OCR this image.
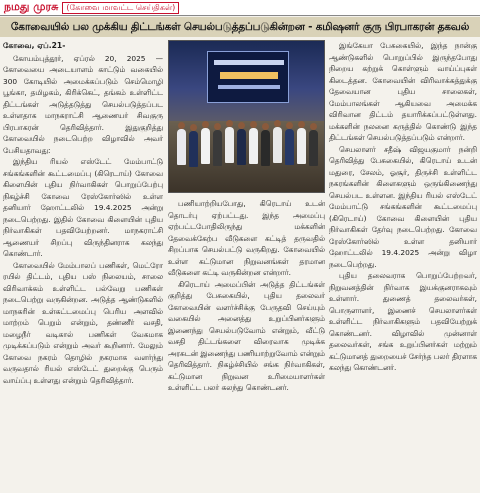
நமது முரசு	(கோவை மாவட்ட செய்திகள்)
கோவையில் பல முக்கிய திட்டங்கள் செயல்படுத்தப்படுகின்றன - கமிஷனர் குரு பிரபாகரன் தகவல்
கோவை, ஏப்.21-

கோயம்புத்தூர், ஏப்ரல் 20, 2025 — கோவையை அடையாளம் காட்டும் வகையில் 300 கோடியில் அமைக்கப்படும் செம்மொழி பூங்கா, தமிழகம், கிரிக்கெட், தங்கம் உள்ளிட்ட திட்டங்கள் அடுத்தடுத்து செயல்படுத்தப்பட உள்ளதாக மாநகராட்சி ஆணையர் சிவகுரு பிரபாகரன் தெரிவித்தார். இதுகுறித்து கோவையில் நடைபெற்ற விழாவில் அவர் பேசியதாவது:

இந்திய ரியல் எஸ்டேட் மேம்பாட்டு சங்கங்களின் கூட்டமைப்பு (கிரெடாய்) கோவை கிளையின் புதிய நிர்வாகிகள் பொறுப்பேற்பு நிகழ்ச்சி கோவை ரேஸ்கோர்ஸில் உள்ள தனியார் ஹோட்டலில் 19.4.2025 அன்று நடைபெற்றது. இதில் கோவை கிளையின் புதிய நிர்வாகிகள் பதவியேற்றனர். மாநகராட்சி ஆணையர் சிறப்பு விருந்தினராக கலந்து கொண்டார்.

கோவையில் மேம்பாலப் பணிகள், மெட்ரோ ரயில் திட்டம், புதிய பஸ் நிலையம், சாலை விரிவாக்கம் உள்ளிட்ட பல்வேறு பணிகள் நடைபெற்று வருகின்றன. அடுத்த ஆண்டுகளில் மாநகரின் உள்கட்டமைப்பு பெரிய அளவில் மாற்றம் பெறும் என்றும், தண்ணீர் வசதி, மழைநீர் வடிகால் பணிகள் வேகமாக முடிக்கப்படும் என்றும் அவர் கூறினார். மேலும் கோவை நகரம் தொழில் நகரமாக வளர்ந்து வருவதால் ரியல் எஸ்டேட் துறைக்கு பெரும் வாய்ப்பு உள்ளது என்றும் தெரிவித்தார்.

பணியாற்றியபோது, கிரெடாய் உடன் தொடர்பு ஏற்பட்டது. இந்த அமைப்பு ஏற்பட்டபோதிலிருந்து மக்களின் தேவைக்கேற்ப வீடுகளை கட்டித் தருவதில் சிறப்பாக செயல்பட்டு வருகிறது. கோவையில் உள்ள கட்டுமான நிறுவனங்கள் தரமான வீடுகளை கட்டி வருகின்றன என்றார்.

கிரெடாய் அமைப்பின் அடுத்த திட்டங்கள் குறித்து பேசுகையில், புதிய தலைவர் கோவையின் வளர்ச்சிக்கு பேருதவி செய்யும் வகையில் அனைத்து உறுப்பினர்களும் இணைந்து செயல்படுவோம் என்றும், வீட்டு வசதி திட்டங்களை விரைவாக முடிக்க அரசுடன் இணைந்து பணியாற்றுவோம் என்றும் தெரிவித்தார். நிகழ்ச்சியில் சங்க நிர்வாகிகள், கட்டுமான நிறுவன உரிமையாளர்கள் உள்ளிட்ட பலர் கலந்து கொண்டனர்.

இங்கேயா பேசுகையில், இந்த நான்கு ஆண்டுகளில் பொறுப்பில் இருந்தபோது நிறைய கற்றுக் கொள்ளும் வாய்ப்புகள் கிடைத்தன. கோவையின் விரிவாக்கத்துக்கு தேவையான புதிய சாலைகள், மேம்பாலங்கள் ஆகியவை அமைக்க விரிவான திட்டம் தயாரிக்கப்பட்டுள்ளது. மக்களின் நலனை கருத்தில் கொண்டு இந்த திட்டங்கள் செயல்படுத்தப்படும் என்றார்.

செயலாளர் சதீஷ் விஜயகுமார் நன்றி தெரிவித்து பேசுகையில், கிரெடாய் உடன் மதுரை, சேலம், ஓசூர், திருச்சி உள்ளிட்ட நகரங்களின் கிளைகளும் ஒருங்கிணைந்து செயல்பட உள்ளன. இந்திய ரியல் எஸ்டேட் மேம்பாட்டு சங்கங்களின் கூட்டமைப்பு (கிரெடாய்) கோவை கிளையின் புதிய நிர்வாகிகள் தேர்வு நடைபெற்றது. கோவை ரேஸ்கோர்ஸில் உள்ள தனியார் ஹோட்டலில் 19.4.2025 அன்று விழா நடைபெற்றது.

புதிய தலைவராக பொறுப்பேற்றவர், நிறுவனத்தின் நிர்வாக இயக்குனராகவும் உள்ளார். துணைத் தலைவர்கள், பொருளாளர், இணைச் செயலாளர்கள் உள்ளிட்ட நிர்வாகிகளும் பதவியேற்றுக் கொண்டனர். விழாவில் முன்னாள் தலைவர்கள், சங்க உறுப்பினர்கள் மற்றும் கட்டுமானத் துறையைச் சேர்ந்த பலர் திரளாக கலந்து கொண்டனர்.
